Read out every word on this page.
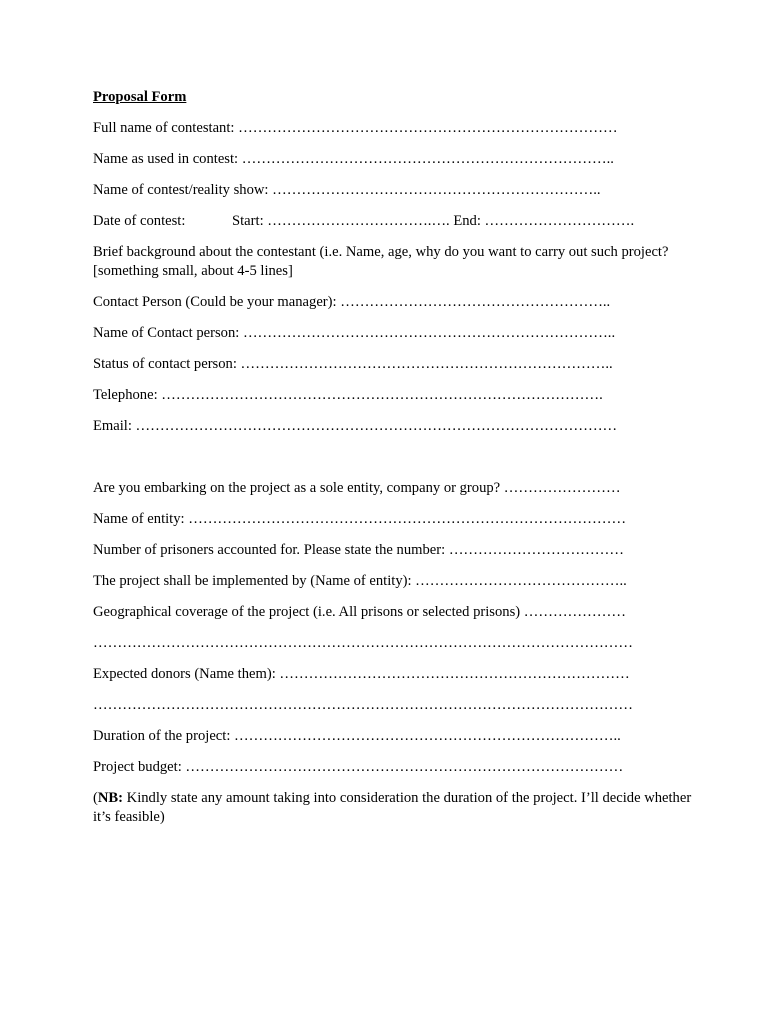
Proposal Form
Full name of contestant: ……………………………………………………………………
Name as used in contest: …………………………………………………………………..
Name of contest/reality show: …………………………………………………………..
Date of contest:	Start: …………………………….…. End: ………………………….
Brief background about the contestant (i.e. Name, age, why do you want to carry out such project? [something small, about 4-5 lines]
Contact Person (Could be your manager): ………………………………………………..
Name of Contact person: …………………………………………………………………..
Status of contact person: …………………………………………………………………..
Telephone: ……………………………………………………………………………….
Email: ………………………………………………………………………………………
Are you embarking on the project as a sole entity, company or group? ……………………
Name of entity: ………………………………………………………………………………
Number of prisoners accounted for. Please state the number: ………………………………
The project shall be implemented by (Name of entity): ……………………………………..
Geographical coverage of the project (i.e. All prisons or selected prisons) …………………
…………………………………………………………………………………………………
Expected donors (Name them): ………………………………………………………………
…………………………………………………………………………………………………
Duration of the project: ……………………………………………………………………..
Project budget: ………………………………………………………………………………
(NB: Kindly state any amount taking into consideration the duration of the project. I’ll decide whether it’s feasible)
